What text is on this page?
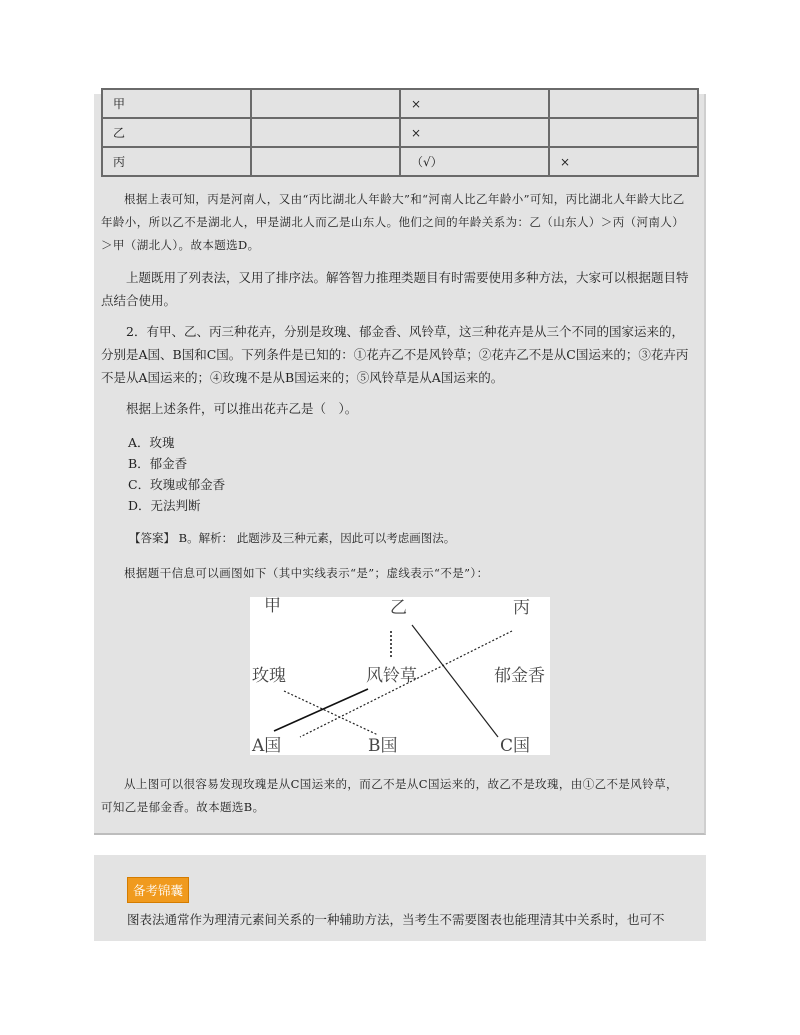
甲		×	
乙		×	
丙		（√）	×

根据上表可知，丙是河南人，又由“丙比湖北人年龄大”和“河南人比乙年龄小”可知，丙比湖北人年龄大比乙年龄小，所以乙不是湖北人，甲是湖北人而乙是山东人。他们之间的年龄关系为：乙（山东人）＞丙（河南人）＞甲（湖北人）。故本题选D。

上题既用了列表法，又用了排序法。解答智力推理类题目有时需要使用多种方法，大家可以根据题目特点结合使用。

2．有甲、乙、丙三种花卉，分别是玫瑰、郁金香、风铃草，这三种花卉是从三个不同的国家运来的，分别是A国、B国和C国。下列条件是已知的：①花卉乙不是风铃草；②花卉乙不是从C国运来的；③花卉丙不是从A国运来的；④玫瑰不是从B国运来的；⑤风铃草是从A国运来的。

根据上述条件，可以推出花卉乙是（　）。

A．玫瑰

B．郁金香

C．玫瑰或郁金香

D．无法判断

【答案】 B。解析： 此题涉及三种元素，因此可以考虑画图法。

根据题干信息可以画图如下（其中实线表示“是”；虚线表示“不是”）：

甲	乙	丙
玫瑰	风铃草	郁金香
A国	B国	C国

从上图可以很容易发现玫瑰是从C国运来的，而乙不是从C国运来的，故乙不是玫瑰，由①乙不是风铃草，可知乙是郁金香。故本题选B。

备考锦囊

图表法通常作为理清元素间关系的一种辅助方法，当考生不需要图表也能理清其中关系时，也可不
